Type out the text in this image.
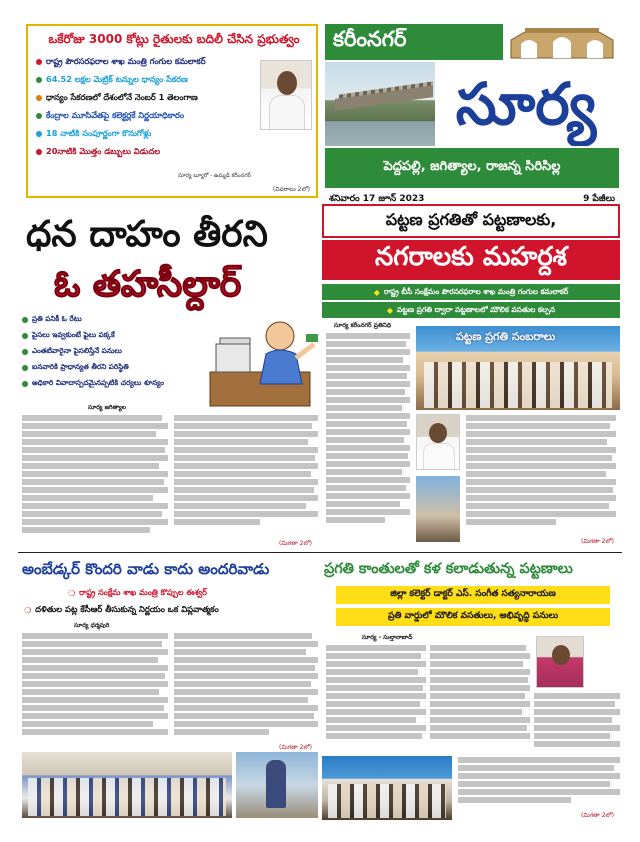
ఒకేరోజు 3000 కోట్లు రైతులకు బదిలీ చేసిన ప్రభుత్వం
రాష్ట్ర పౌరసరఫరాల శాఖ మంత్రి గంగుల కమలాకర్
64.52 లక్షల మెట్రిక్ టన్నుల ధాన్యం సేకరణ
ధాన్యం సేకరణలో దేశంలోనే నెంబర్ 1 తెలంగాణ
కేంద్రాల మూసివేతపై కలెక్టర్లకే నిర్ణయాధికారం
18 నాటికి సంపూర్ణంగా కొనుగోళ్లు
20నాటికి మొత్తం డబ్బులు విడుదల
సూర్య బ్యూరో - ఉమ్మడి కరీంనగర్
(వివరాలు 2లో)
కరీంనగర్
సూర్య
పెద్దపల్లి, జగిత్యాల, రాజన్న సిరిసిల్ల
శనివారం 17 జూన్ 2023	9 పేజీలు
ధన దాహం తీరని
ఓ తహసీల్దార్
ప్రతి పనికీ ఓ రేటు
పైసలు ఇవ్వకుంటే ఫైలు పక్కకే
ఎంతటివారైనా పైసలిస్తేనే పనులు
ఐనవారికి ప్రాధాన్యత తీరని పరిస్థితి
అధికారి వివాదాస్పదమైనప్పటికి చర్యలు శూన్యం
సూర్య జగిత్యాల
(మిగతా 2లో)
పట్టణ ప్రగతితో పట్టణాలకు,
నగరాలకు మహర్దశ
◆ రాష్ట్ర బీసీ సంక్షేమం పౌరసరఫరాల శాఖ మంత్రి గంగుల కమలాకర్
◆ పట్టణ ప్రగతి ద్వారా పట్టణాలలో మౌలిక వసతుల కల్పన
సూర్య కరీంనగర్ ప్రతినిధి
పట్టణ ప్రగతి సంబరాలు
(మిగతా 2లో)
అంబేడ్కర్ కొందరి వాడు కాదు అందరివాడు
❍ రాష్ట్ర సంక్షేమ శాఖ మంత్రి కొప్పుల ఈశ్వర్
❍ దళితుల పట్ల కేసీఆర్ తీసుకున్న నిర్ణయం ఒక విప్లవాత్మకం
సూర్య ధర్మపురి
(మిగతా 2లో)
ప్రగతి కాంతులతో కళ కలాడుతున్న పట్టణాలు
జిల్లా కలెక్టర్ డాక్టర్ ఎస్. సంగీత సత్యనారాయణ
ప్రతి వార్డులో మౌలిక వసతులు, అభివృద్ధి పనులు
సూర్య - సుల్తానాబాద్
(మిగతా 2లో)
